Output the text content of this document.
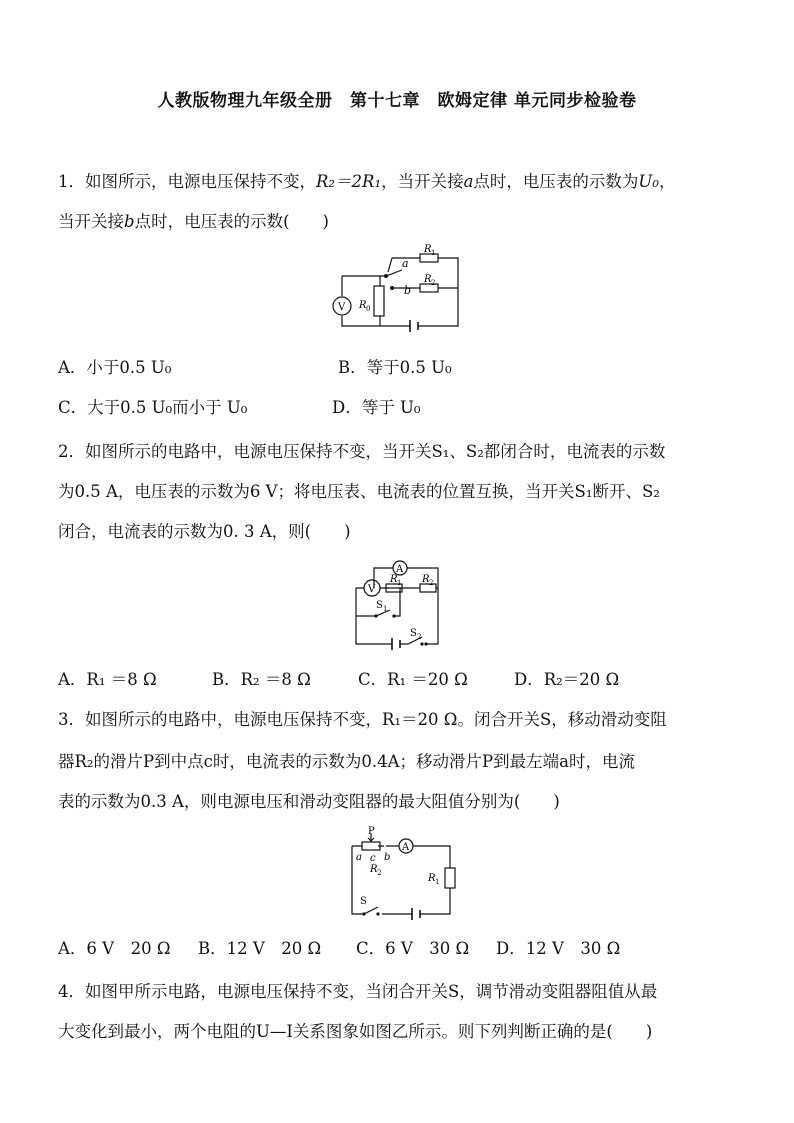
人教版物理九年级全册　第十七章　欧姆定律 单元同步检验卷
1．如图所示，电源电压保持不变，R₂＝2R₁，当开关接a点时，电压表的示数为U₀，
当开关接b点时，电压表的示数(　　)
a
b
R 1
R 2
R 0
V
A．小于0.5 U₀	B．等于0.5 U₀
C．大于0.5 U₀而小于 U₀	D．等于 U₀
2．如图所示的电路中，电源电压保持不变，当开关S₁、S₂都闭合时，电流表的示数
为0.5 A，电压表的示数为6 V；将电压表、电流表的位置互换，当开关S₁断开、S₂
闭合，电流表的示数为0. 3 A，则(　　)
A
V
R 1 R 2
S 1
S 2
A．R₁ ＝8 Ω	B．R₂ ＝8 Ω	C．R₁ ＝20 Ω	D．R₂＝20 Ω
3．如图所示的电路中，电源电压保持不变，R₁＝20 Ω。闭合开关S，移动滑动变阻
器R₂的滑片P到中点c时，电流表的示数为0.4A；移动滑片P到最左端a时，电流
表的示数为0.3 A，则电源电压和滑动变阻器的最大阻值分别为(　　)
P
a c b
A
R 2	R 1
S
A．6 V　20 Ω B．12 V　20 Ω C．6 V　30 Ω D．12 V　30 Ω
4．如图甲所示电路，电源电压保持不变，当闭合开关S，调节滑动变阻器阻值从最
大变化到最小，两个电阻的U—I关系图象如图乙所示。则下列判断正确的是(　　)
